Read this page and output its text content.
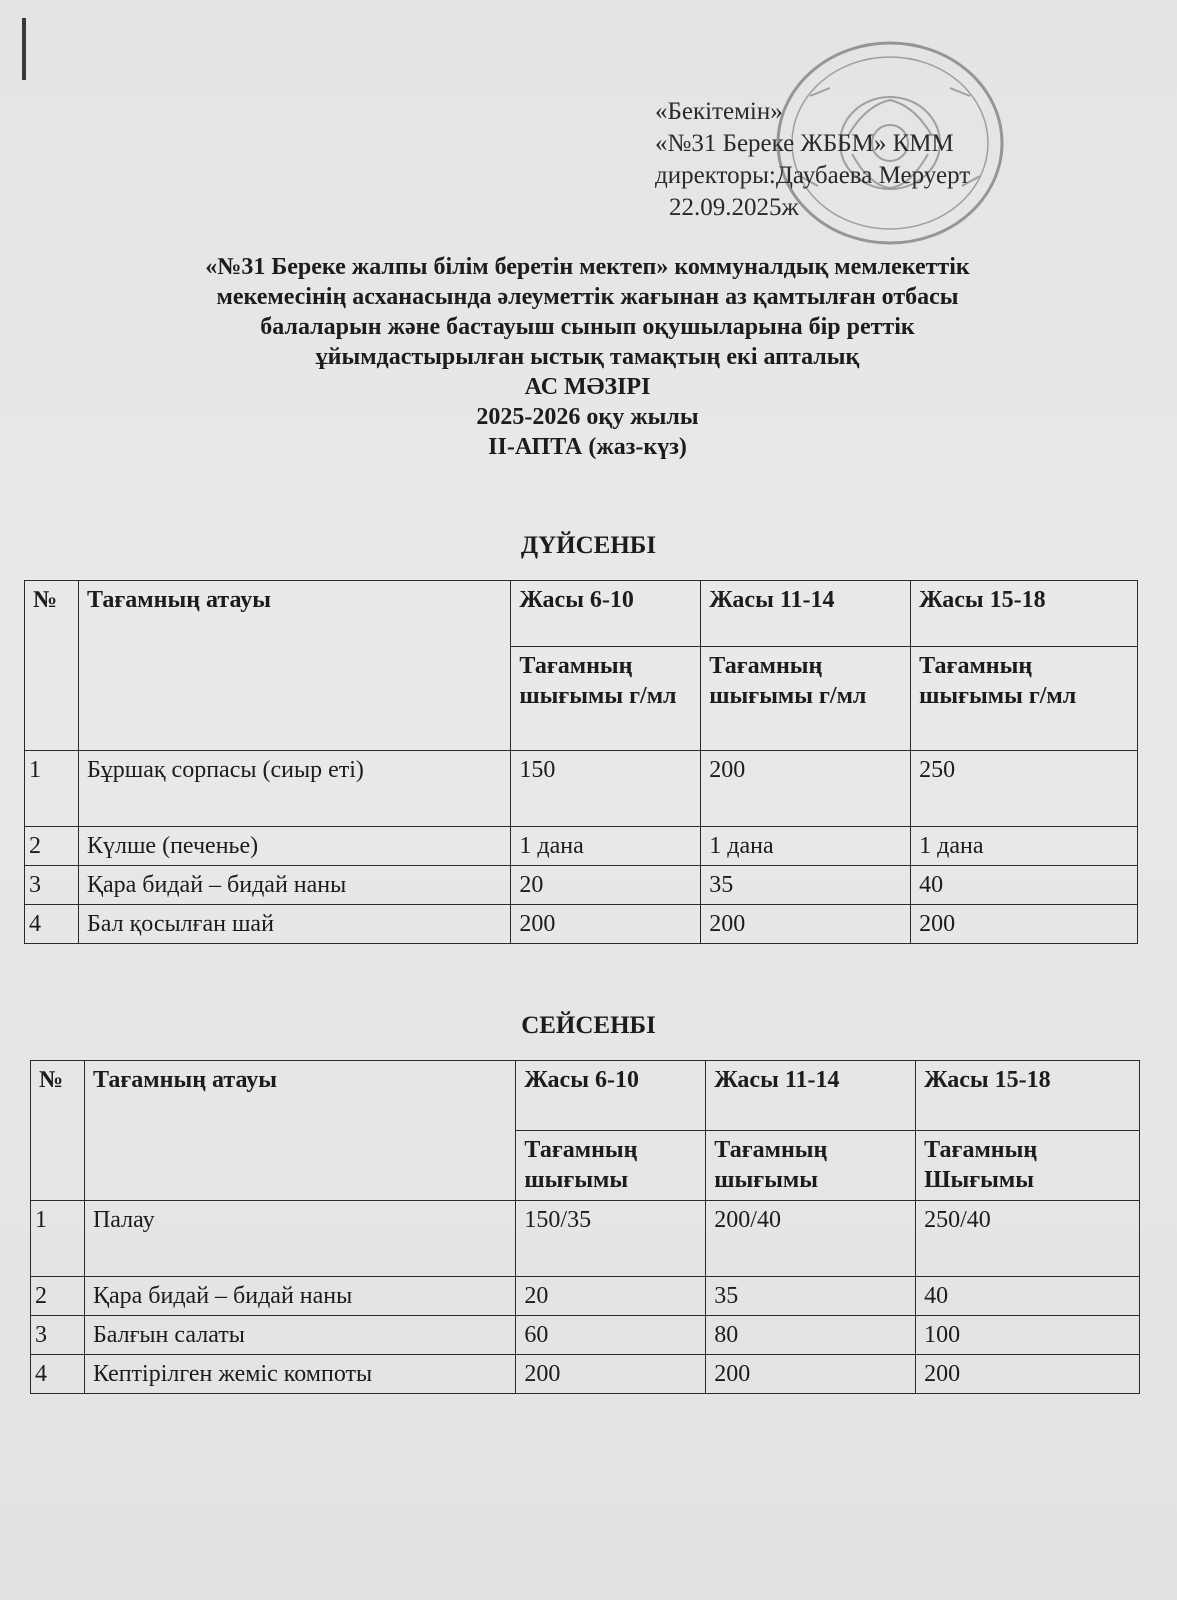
«Бекітемін»
«№31 Береке ЖББМ» КММ
директоры:Даубаева Меруерт
22.09.2025ж
«№31 Береке жалпы білім беретін мектеп» коммуналдық мемлекеттік
мекемесінің асханасында әлеуметтік жағынан аз қамтылған отбасы
балаларын және бастауыш сынып оқушыларына бір реттік
ұйымдастырылған ыстық тамақтың екі апталық
АС МӘЗІРІ
2025-2026 оқу жылы
ІІ-АПТА (жаз-күз)
ДҮЙСЕНБІ
№	Тағамның атауы	Жасы 6-10	Жасы 11-14	Жасы 15-18
		Тағамның шығымы г/мл	Тағамның шығымы г/мл	Тағамның шығымы г/мл
1	Бұршақ сорпасы (сиыр еті)	150	200	250
2	Күлше (печенье)	1 дана	1 дана	1 дана
3	Қара бидай – бидай наны	20	35	40
4	Бал қосылған шай	200	200	200
СЕЙСЕНБІ
№	Тағамның атауы	Жасы 6-10	Жасы 11-14	Жасы 15-18
		Тағамның шығымы	Тағамның шығымы	Тағамның Шығымы
1	Палау	150/35	200/40	250/40
2	Қара бидай – бидай наны	20	35	40
3	Балғын салаты	60	80	100
4	Кептірілген жеміс компоты	200	200	200
